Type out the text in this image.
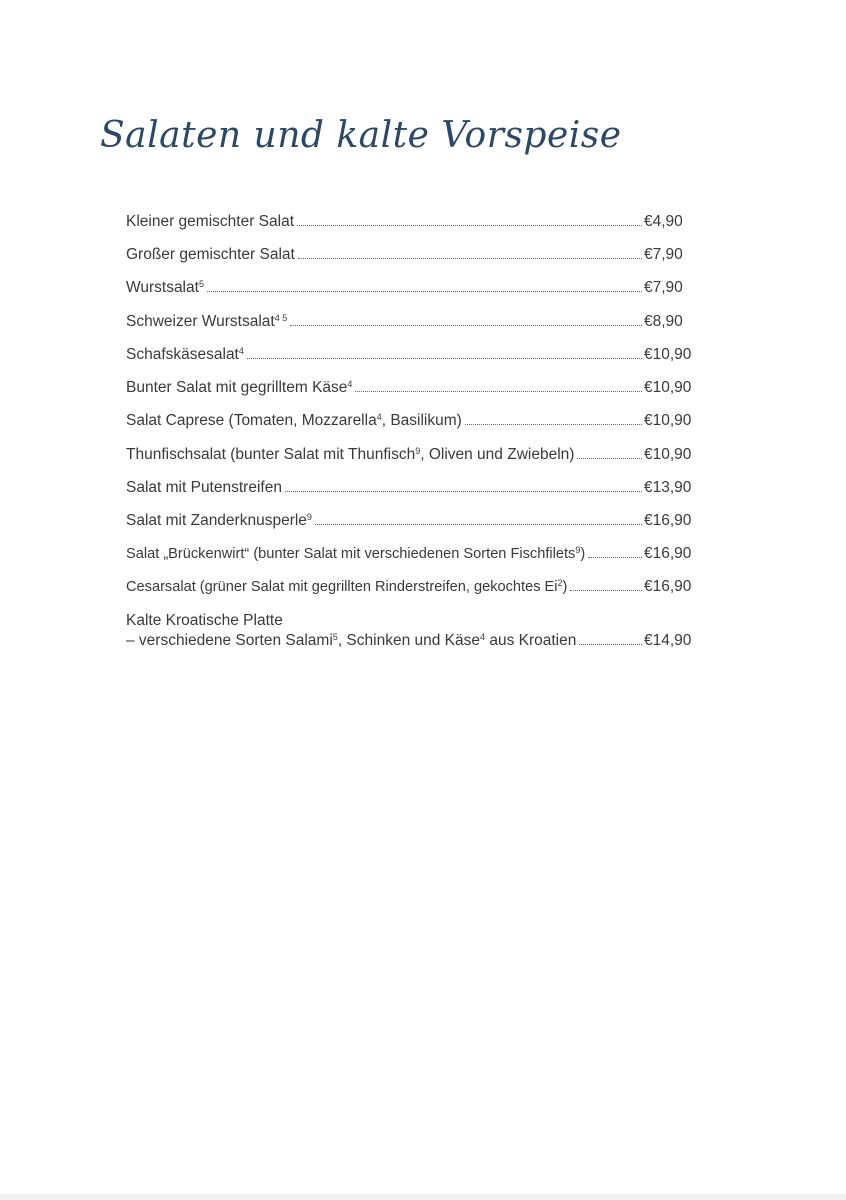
Salaten und kalte Vorspeise
Kleiner gemischter Salat	€4,90
Großer gemischter Salat	€7,90
Wurstsalat$^5$	€7,90
Schweizer Wurstsalat$^{4 5}$	€8,90
Schafskäsesalat$^4$	€10,90
Bunter Salat mit gegrilltem Käse$^4$	€10,90
Salat Caprese (Tomaten, Mozzarella$^4$, Basilikum)	€10,90
Thunfischsalat (bunter Salat mit Thunfisch$^9$, Oliven und Zwiebeln)	€10,90
Salat mit Putenstreifen	€13,90
Salat mit Zanderknusperle$^9$	€16,90
Salat „Brückenwirt“ (bunter Salat mit verschiedenen Sorten Fischfilets$^9$)	€16,90
Cesarsalat (grüner Salat mit gegrillten Rinderstreifen, gekochtes Ei$^2$)	€16,90
Kalte Kroatische Platte
– verschiedene Sorten Salami$^5$, Schinken und Käse$^4$ aus Kroatien	€14,90
